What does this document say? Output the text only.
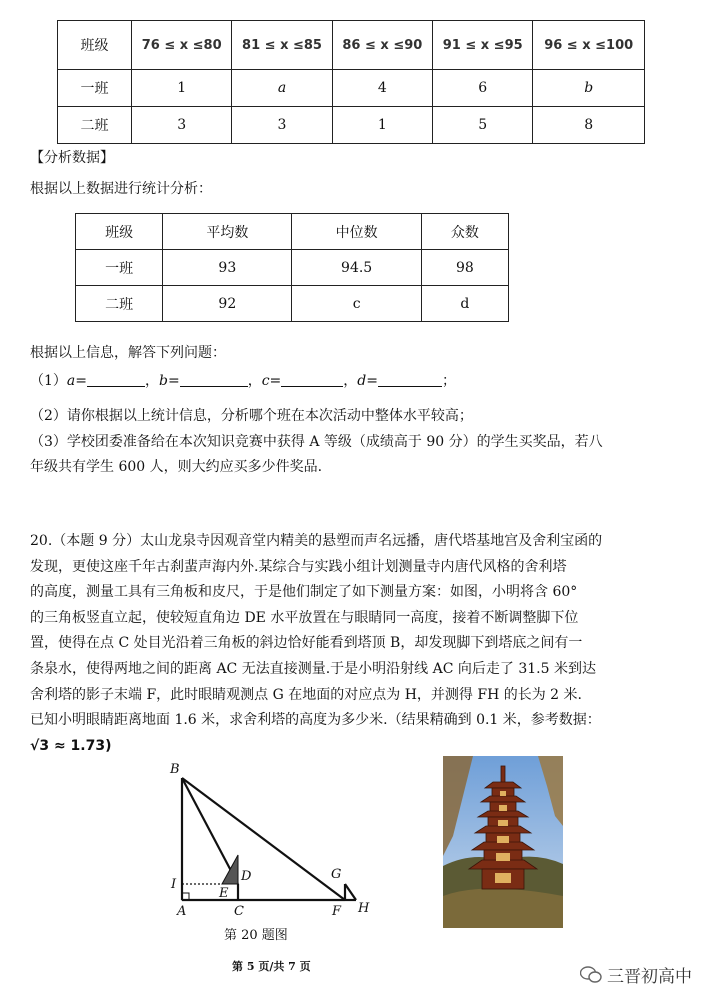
班级	76 ≤ x ≤80	81 ≤ x ≤85	86 ≤ x ≤90	91 ≤ x ≤95	96 ≤ x ≤100
一班	1	a	4	6	b
二班	3	3	1	5	8
【分析数据】
根据以上数据进行统计分析：
班级	平均数	中位数	众数
一班	93	94.5	98
二班	92	c	d
根据以上信息，解答下列问题：
（1）a=	，b=	，c=	，d=	；
（2）请你根据以上统计信息，分析哪个班在本次活动中整体水平较高；
（3）学校团委准备给在本次知识竞赛中获得 A 等级（成绩高于 90 分）的学生买奖品，若八
年级共有学生 600 人，则大约应买多少件奖品.
20.（本题 9 分）太山龙泉寺因观音堂内精美的悬塑而声名远播，唐代塔基地宫及舍利宝函的
发现，更使这座千年古刹蜚声海内外.某综合与实践小组计划测量寺内唐代风格的舍利塔
的高度，测量工具有三角板和皮尺，于是他们制定了如下测量方案：如图，小明将含 60°
的三角板竖直立起，使较短直角边 DE 水平放置在与眼睛同一高度，接着不断调整脚下位
置，使得在点 C 处目光沿着三角板的斜边恰好能看到塔顶 B，却发现脚下到塔底之间有一
条泉水，使得两地之间的距离 AC 无法直接测量.于是小明沿射线 AC 向后走了 31.5 米到达
舍利塔的影子末端 F，此时眼睛观测点 G 在地面的对应点为 H，并测得 FH 的长为 2 米.
已知小明眼睛距离地面 1.6 米，求舍利塔的高度为多少米.（结果精确到 0.1 米，参考数据：
√3 ≈ 1.73)
B
D
I
E
A	C
G
F H
第 20 题图
第 5 页/共 7 页
三晋初高中
